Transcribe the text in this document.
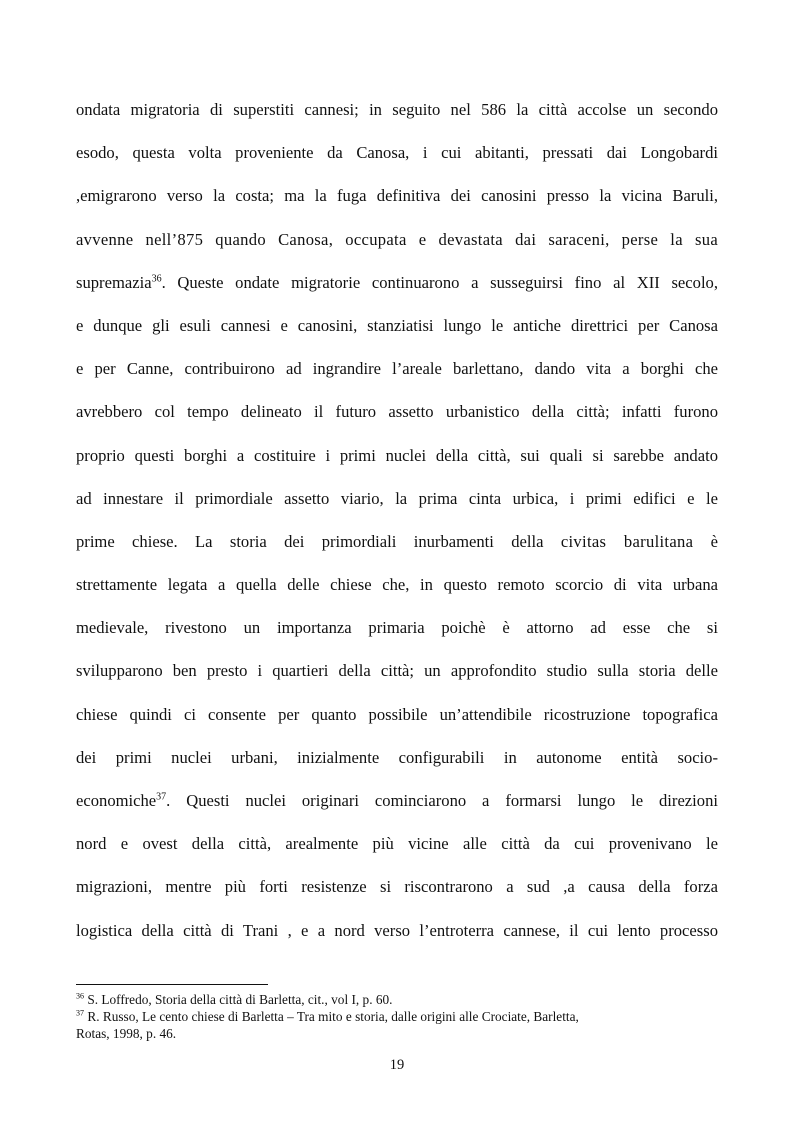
ondata migratoria di superstiti cannesi; in seguito nel 586 la città accolse un secondo
esodo, questa volta proveniente da Canosa, i cui abitanti, pressati dai Longobardi
,emigrarono verso la costa; ma la fuga definitiva dei canosini presso la vicina Baruli,
avvenne nell’875 quando Canosa, occupata e devastata dai saraceni, perse la sua
supremazia$^{36}$. Queste ondate migratorie continuarono a susseguirsi fino al XII secolo,
e dunque gli esuli cannesi e canosini, stanziatisi lungo le antiche direttrici per Canosa
e per Canne, contribuirono ad ingrandire l’areale barlettano, dando vita a borghi che
avrebbero col tempo delineato il futuro assetto urbanistico della città; infatti furono
proprio questi borghi a costituire i primi nuclei della città, sui quali si sarebbe andato
ad innestare il primordiale assetto viario, la prima cinta urbica, i primi edifici e le
prime chiese. La storia dei primordiali inurbamenti della civitas barulitana è
strettamente legata a quella delle chiese che, in questo remoto scorcio di vita urbana
medievale, rivestono un importanza primaria poichè è attorno ad esse che si
svilupparono ben presto i quartieri della città; un approfondito studio sulla storia delle
chiese quindi ci consente per quanto possibile un’attendibile ricostruzione topografica
dei primi nuclei urbani, inizialmente configurabili in autonome entità socio-
economiche$^{37}$. Questi nuclei originari cominciarono a formarsi lungo le direzioni
nord e ovest della città, arealmente più vicine alle città da cui provenivano le
migrazioni, mentre più forti resistenze si riscontrarono a sud ,a causa della forza
logistica della città di Trani , e a nord verso l’entroterra cannese, il cui lento processo
$^{36}$ S. Loffredo, Storia della città di Barletta, cit., vol I, p. 60.
$^{37}$ R. Russo, Le cento chiese di Barletta – Tra mito e storia, dalle origini alle Crociate, Barletta,
Rotas, 1998, p. 46.
19
